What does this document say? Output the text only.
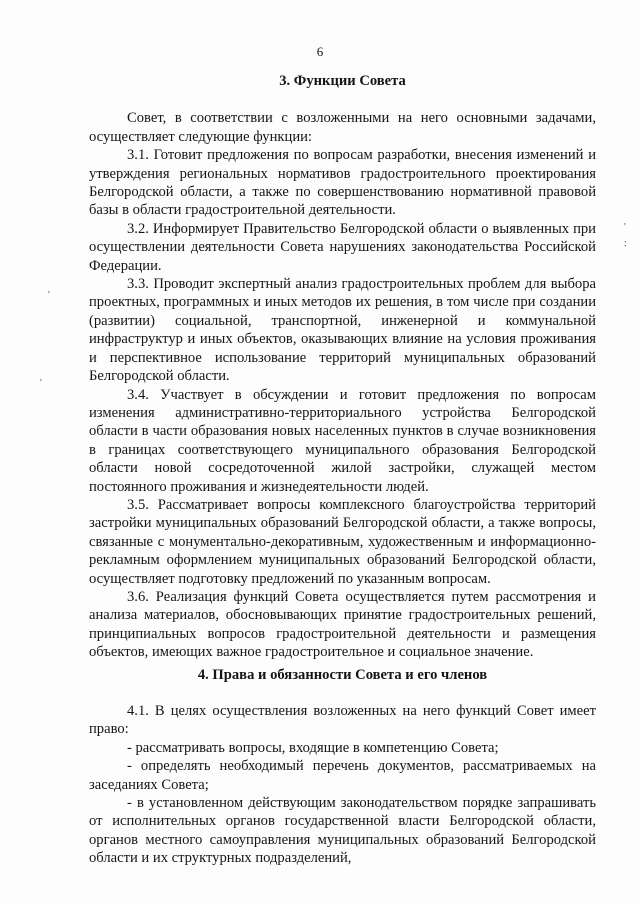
6

3. Функции Совета

Совет, в соответствии с возложенными на него основными задачами, осуществляет следующие функции:

3.1. Готовит предложения по вопросам разработки, внесения изменений и утверждения региональных нормативов градостроительного проектирования Белгородской области, а также по совершенствованию нормативной правовой базы в области градостроительной деятельности.

3.2. Информирует Правительство Белгородской области о выявленных при осуществлении деятельности Совета нарушениях законодательства Российской Федерации.

3.3. Проводит экспертный анализ градостроительных проблем для выбора проектных, программных и иных методов их решения, в том числе при создании (развитии) социальной, транспортной, инженерной и коммунальной инфраструктур и иных объектов, оказывающих влияние на условия проживания и перспективное использование территорий муниципальных образований Белгородской области.

3.4. Участвует в обсуждении и готовит предложения по вопросам изменения административно-территориального устройства Белгородской области в части образования новых населенных пунктов в случае возникновения в границах соответствующего муниципального образования Белгородской области новой сосредоточенной жилой застройки, служащей местом постоянного проживания и жизнедеятельности людей.

3.5. Рассматривает вопросы комплексного благоустройства территорий застройки муниципальных образований Белгородской области, а также вопросы, связанные с монументально-декоративным, художественным и информационно-рекламным оформлением муниципальных образований Белгородской области, осуществляет подготовку предложений по указанным вопросам.

3.6. Реализация функций Совета осуществляется путем рассмотрения и анализа материалов, обосновывающих принятие градостроительных решений, принципиальных вопросов градостроительной деятельности и размещения объектов, имеющих важное градостроительное и социальное значение.

4. Права и обязанности Совета и его членов

4.1. В целях осуществления возложенных на него функций Совет имеет право:

- рассматривать вопросы, входящие в компетенцию Совета;

- определять необходимый перечень документов, рассматриваемых на заседаниях Совета;

- в установленном действующим законодательством порядке запрашивать от исполнительных органов государственной власти Белгородской области, органов местного самоуправления муниципальных образований Белгородской области и их структурных подразделений,

'
'
'
:
